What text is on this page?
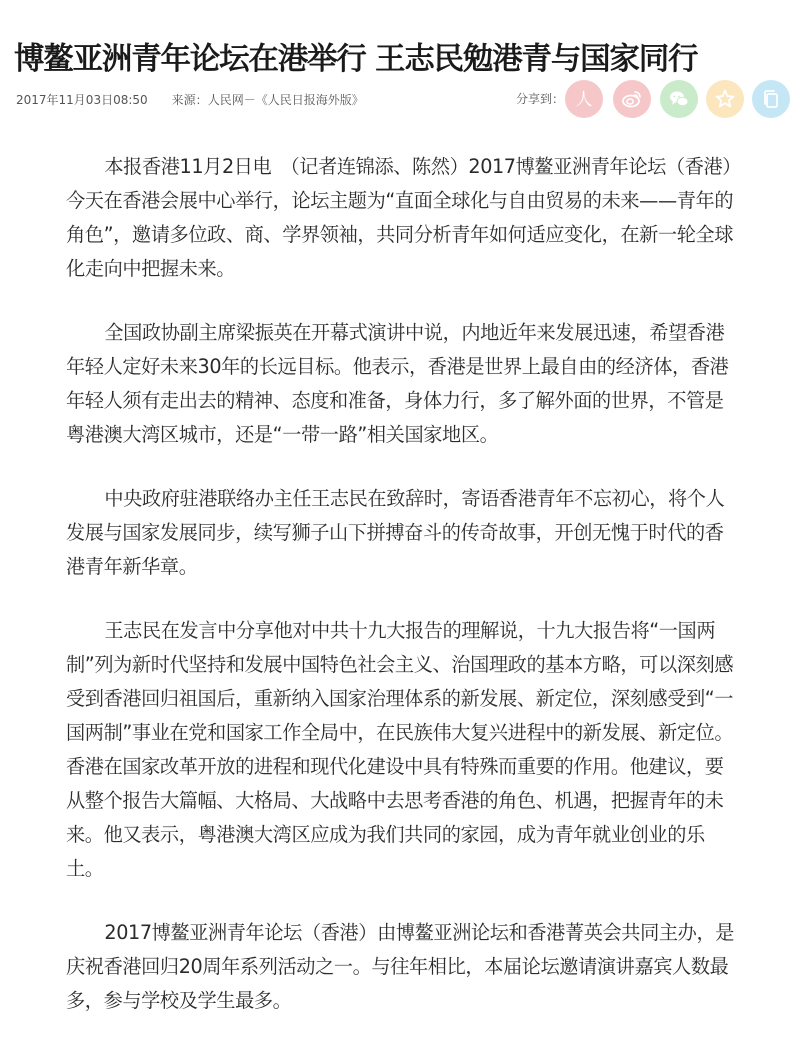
博鳌亚洲青年论坛在港举行 王志民勉港青与国家同行
2017年11月03日08:50 来源： 人民网－《人民日报海外版》	分享到： 人

本报香港11月2日电　（记者连锦添、陈然）2017博鳌亚洲青年论坛（香港）今天在香港会展中心举行，论坛主题为“直面全球化与自由贸易的未来——青年的角色”，邀请多位政、商、学界领袖，共同分析青年如何适应变化，在新一轮全球化走向中把握未来。

全国政协副主席梁振英在开幕式演讲中说，内地近年来发展迅速，希望香港年轻人定好未来30年的长远目标。他表示，香港是世界上最自由的经济体，香港年轻人须有走出去的精神、态度和准备，身体力行，多了解外面的世界，不管是粤港澳大湾区城市，还是“一带一路”相关国家地区。

中央政府驻港联络办主任王志民在致辞时，寄语香港青年不忘初心，将个人发展与国家发展同步，续写狮子山下拼搏奋斗的传奇故事，开创无愧于时代的香港青年新华章。

王志民在发言中分享他对中共十九大报告的理解说，十九大报告将“一国两制”列为新时代坚持和发展中国特色社会主义、治国理政的基本方略，可以深刻感受到香港回归祖国后，重新纳入国家治理体系的新发展、新定位，深刻感受到“一国两制”事业在党和国家工作全局中，在民族伟大复兴进程中的新发展、新定位。香港在国家改革开放的进程和现代化建设中具有特殊而重要的作用。他建议，要从整个报告大篇幅、大格局、大战略中去思考香港的角色、机遇，把握青年的未来。他又表示，粤港澳大湾区应成为我们共同的家园，成为青年就业创业的乐土。

2017博鳌亚洲青年论坛（香港）由博鳌亚洲论坛和香港菁英会共同主办，是庆祝香港回归20周年系列活动之一。与往年相比，本届论坛邀请演讲嘉宾人数最多，参与学校及学生最多。
